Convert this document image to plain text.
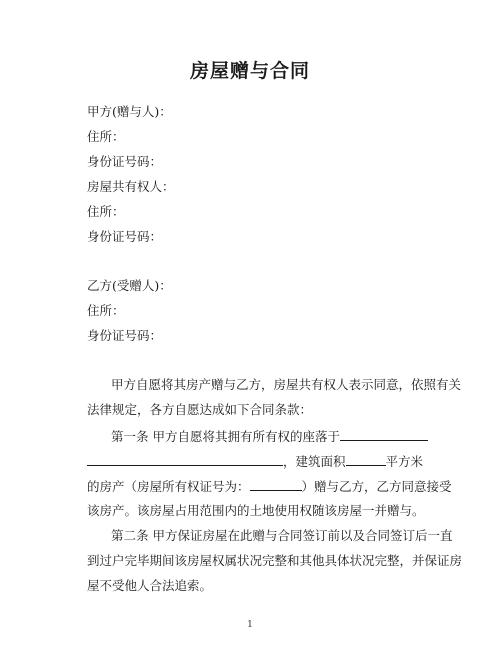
房屋赠与合同
甲方(赠与人)：
住所：
身份证号码：
房屋共有权人：
住所：
身份证号码：
乙方(受赠人)：
住所：
身份证号码：
甲方自愿将其房产赠与乙方，房屋共有权人表示同意，依照有关
法律规定，各方自愿达成如下合同条款：
第一条 甲方自愿将其拥有所有权的座落于
，建筑面积	平方米
的房产（房屋所有权证号为：	）赠与乙方，乙方同意接受
该房产。该房屋占用范围内的土地使用权随该房屋一并赠与。
第二条 甲方保证房屋在此赠与合同签订前以及合同签订后一直
到过户完毕期间该房屋权属状况完整和其他具体状况完整，并保证房
屋不受他人合法追索。
1
